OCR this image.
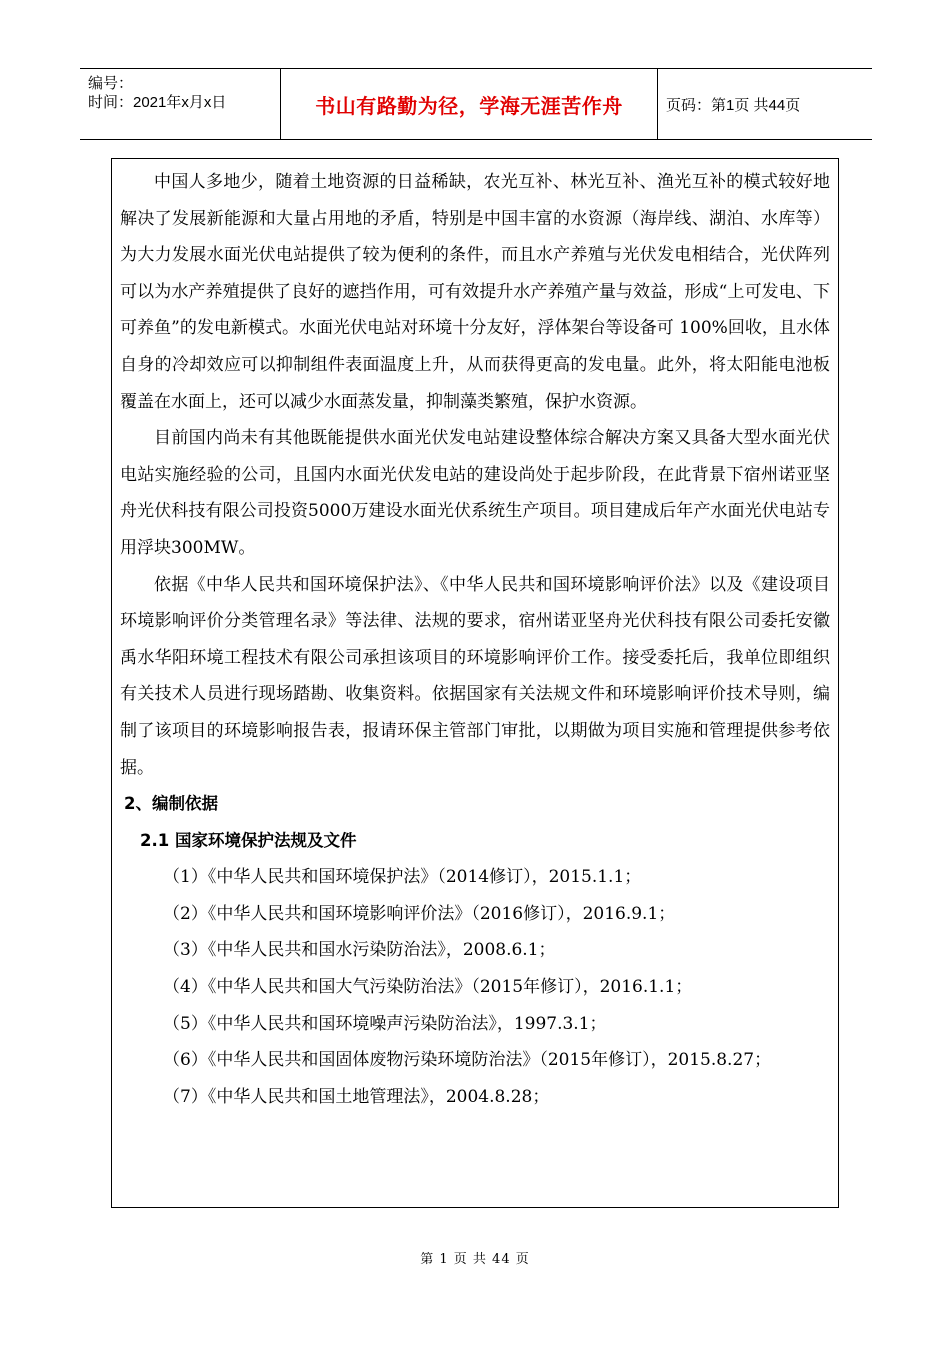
编号：
时间：2021年x月x日	书山有路勤为径，学海无涯苦作舟	页码：第1页 共44页

中国人多地少，随着土地资源的日益稀缺，农光互补、林光互补、渔光互补的模式较好地解决了发展新能源和大量占用地的矛盾，特别是中国丰富的水资源（海岸线、湖泊、水库等）为大力发展水面光伏电站提供了较为便利的条件，而且水产养殖与光伏发电相结合，光伏阵列可以为水产养殖提供了良好的遮挡作用，可有效提升水产养殖产量与效益，形成“上可发电、下可养鱼”的发电新模式。水面光伏电站对环境十分友好，浮体架台等设备可 100%回收，且水体自身的冷却效应可以抑制组件表面温度上升，从而获得更高的发电量。此外，将太阳能电池板覆盖在水面上，还可以减少水面蒸发量，抑制藻类繁殖，保护水资源。

目前国内尚未有其他既能提供水面光伏发电站建设整体综合解决方案又具备大型水面光伏电站实施经验的公司，且国内水面光伏发电站的建设尚处于起步阶段，在此背景下宿州诺亚坚舟光伏科技有限公司投资5000万建设水面光伏系统生产项目。项目建成后年产水面光伏电站专用浮块300MW。

依据《中华人民共和国环境保护法》、《中华人民共和国环境影响评价法》以及《建设项目环境影响评价分类管理名录》等法律、法规的要求，宿州诺亚坚舟光伏科技有限公司委托安徽禹水华阳环境工程技术有限公司承担该项目的环境影响评价工作。接受委托后，我单位即组织有关技术人员进行现场踏勘、收集资料。依据国家有关法规文件和环境影响评价技术导则，编制了该项目的环境影响报告表，报请环保主管部门审批，以期做为项目实施和管理提供参考依据。

2、编制依据

2.1 国家环境保护法规及文件

（1）《中华人民共和国环境保护法》（2014修订），2015.1.1；

（2）《中华人民共和国环境影响评价法》（2016修订），2016.9.1；

（3）《中华人民共和国水污染防治法》，2008.6.1；

（4）《中华人民共和国大气污染防治法》（2015年修订），2016.1.1；

（5）《中华人民共和国环境噪声污染防治法》，1997.3.1；

（6）《中华人民共和国固体废物污染环境防治法》（2015年修订），2015.8.27；

（7）《中华人民共和国土地管理法》，2004.8.28；

第 1 页 共 44 页
